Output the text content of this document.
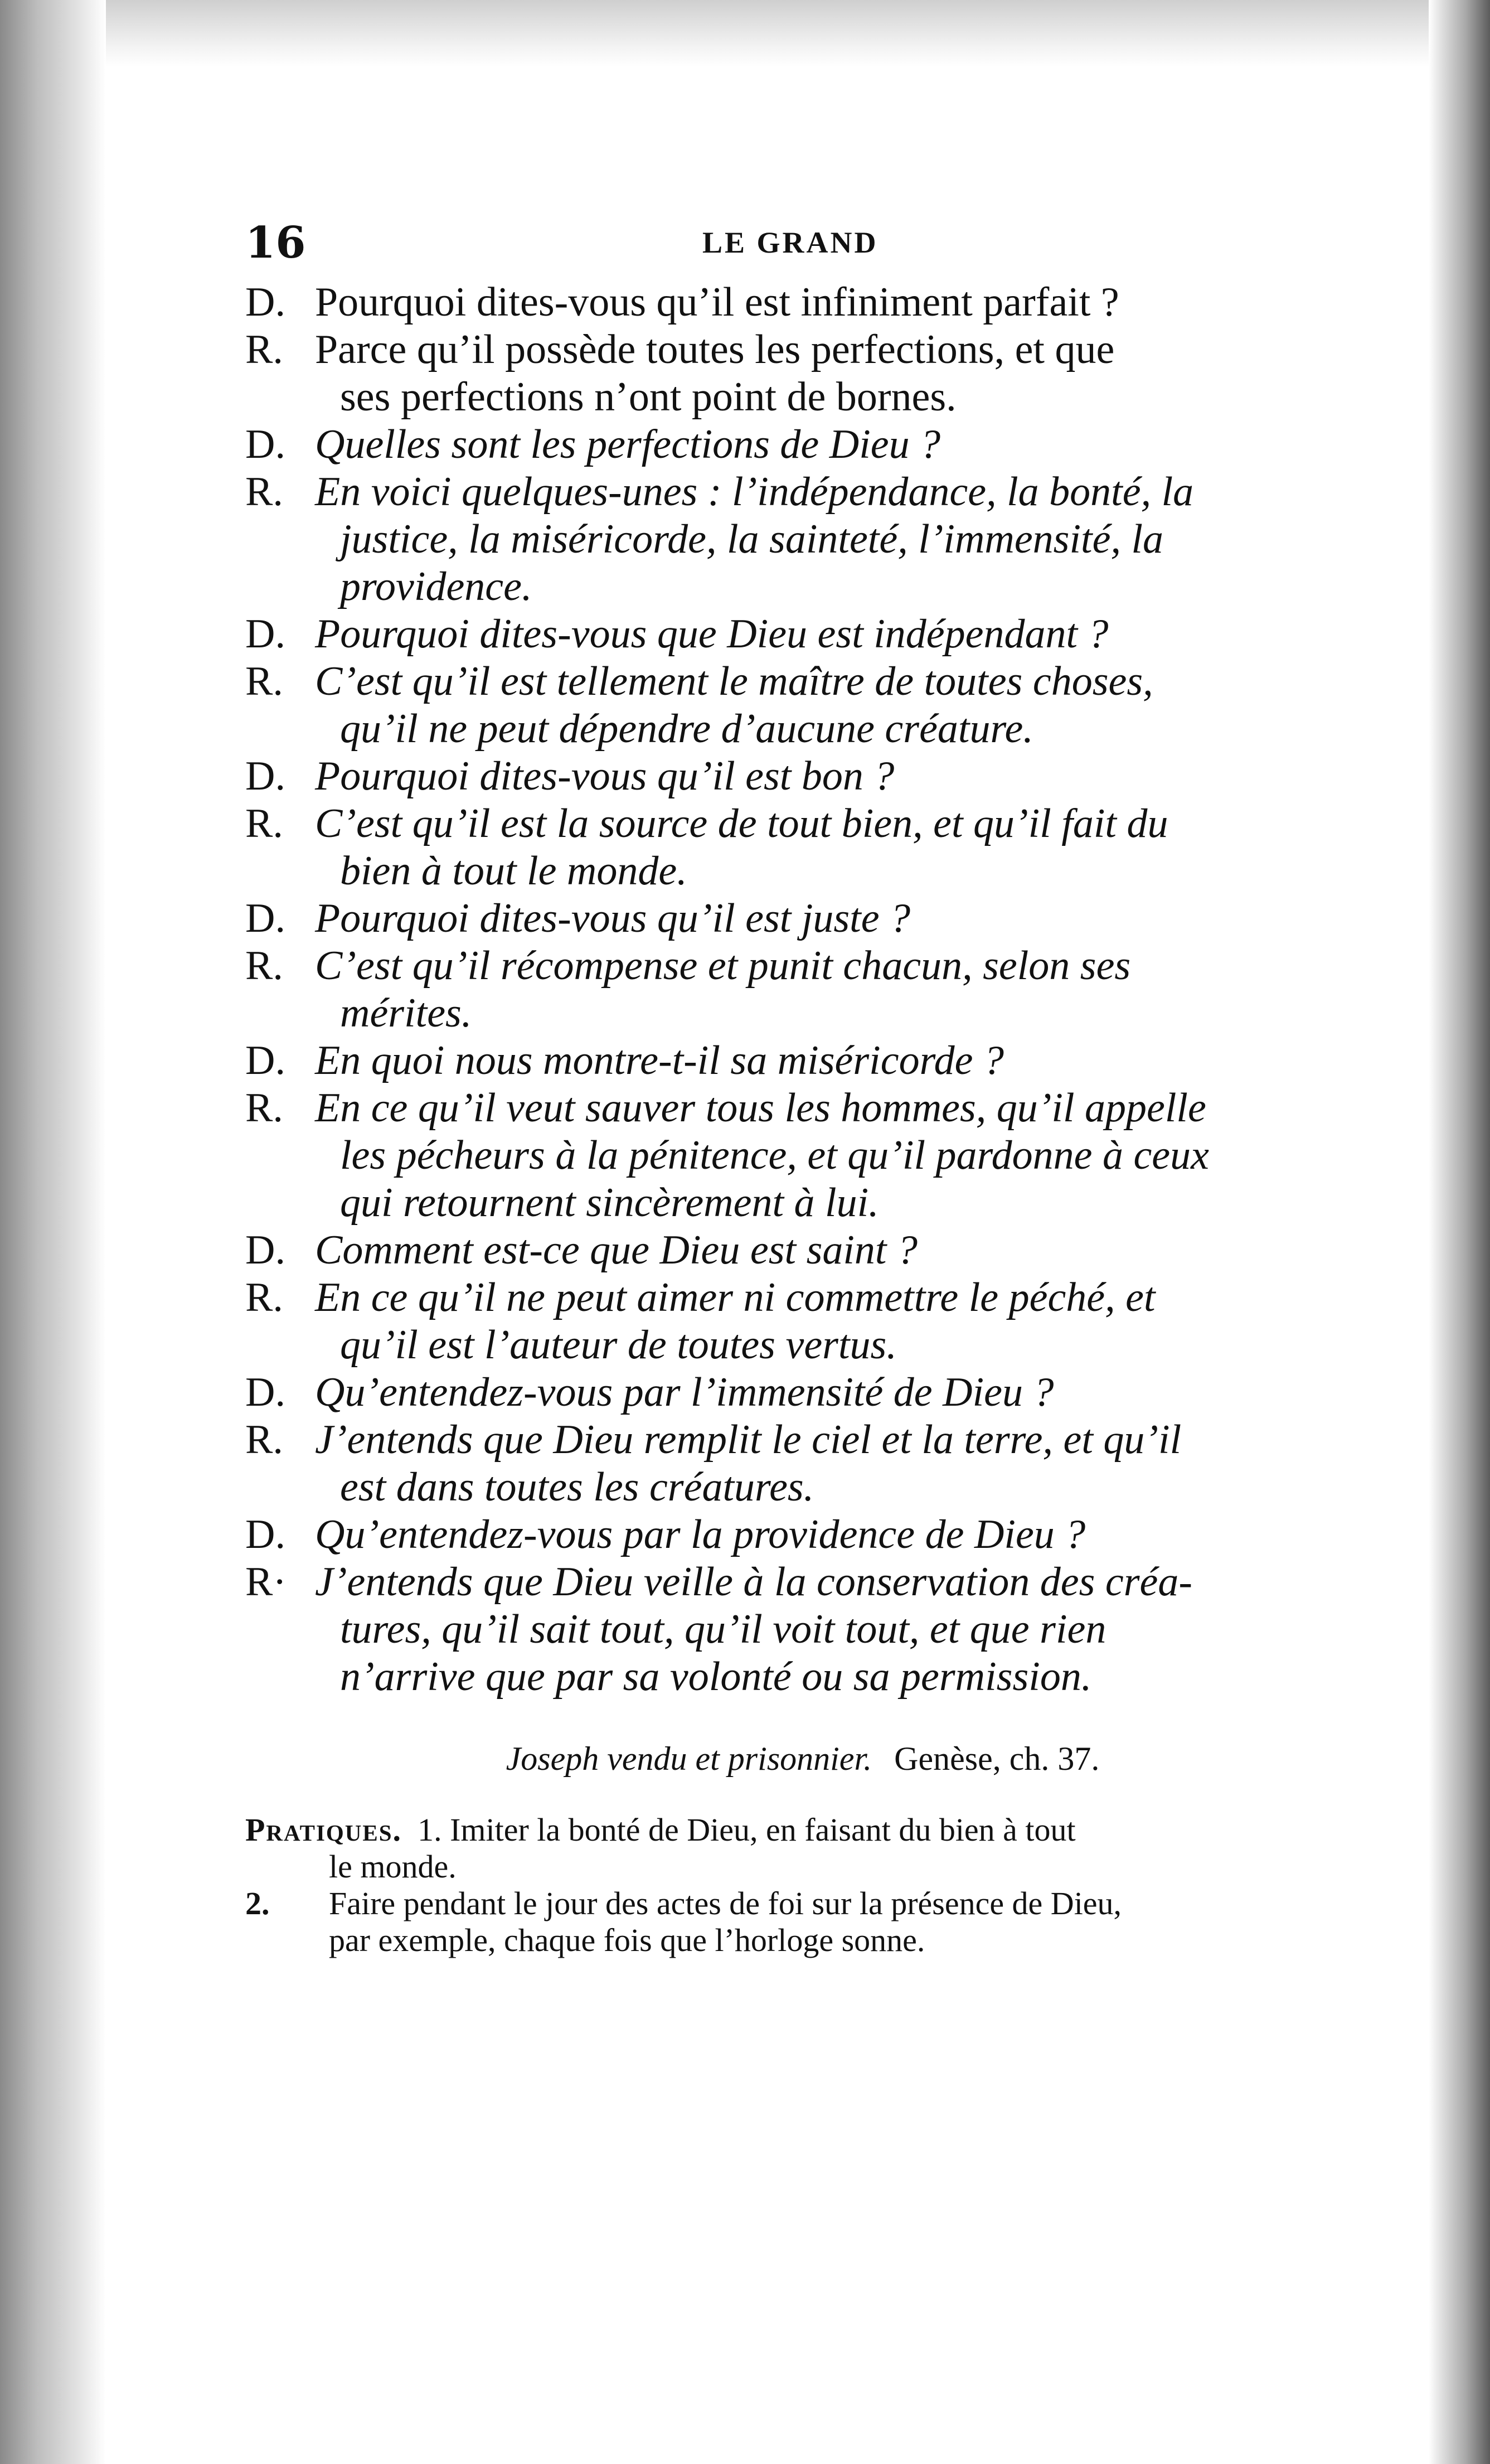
16	LE GRAND
D. Pourquoi dites-vous qu’il est infiniment parfait ?
R. Parce qu’il possède toutes les perfections, et que
ses perfections n’ont point de bornes.
D. Quelles sont les perfections de Dieu ?
R. En voici quelques-unes : l’indépendance, la bonté, la
justice, la miséricorde, la sainteté, l’immensité, la
providence.
D. Pourquoi dites-vous que Dieu est indépendant ?
R. C’est qu’il est tellement le maître de toutes choses,
qu’il ne peut dépendre d’aucune créature.
D. Pourquoi dites-vous qu’il est bon ?
R. C’est qu’il est la source de tout bien, et qu’il fait du
bien à tout le monde.
D. Pourquoi dites-vous qu’il est juste ?
R. C’est qu’il récompense et punit chacun, selon ses
mérites.
D. En quoi nous montre-t-il sa miséricorde ?
R. En ce qu’il veut sauver tous les hommes, qu’il appelle
les pécheurs à la pénitence, et qu’il pardonne à ceux
qui retournent sincèrement à lui.
D. Comment est-ce que Dieu est saint ?
R. En ce qu’il ne peut aimer ni commettre le péché, et
qu’il est l’auteur de toutes vertus.
D. Qu’entendez-vous par l’immensité de Dieu ?
R. J’entends que Dieu remplit le ciel et la terre, et qu’il
est dans toutes les créatures.
D. Qu’entendez-vous par la providence de Dieu ?
R· J’entends que Dieu veille à la conservation des créa-
tures, qu’il sait tout, qu’il voit tout, et que rien
n’arrive que par sa volonté ou sa permission.
Joseph vendu et prisonnier. Genèse, ch. 37.
Pratiques. 1. Imiter la bonté de Dieu, en faisant du bien à tout
le monde.
2. Faire pendant le jour des actes de foi sur la présence de Dieu,
par exemple, chaque fois que l’horloge sonne.
